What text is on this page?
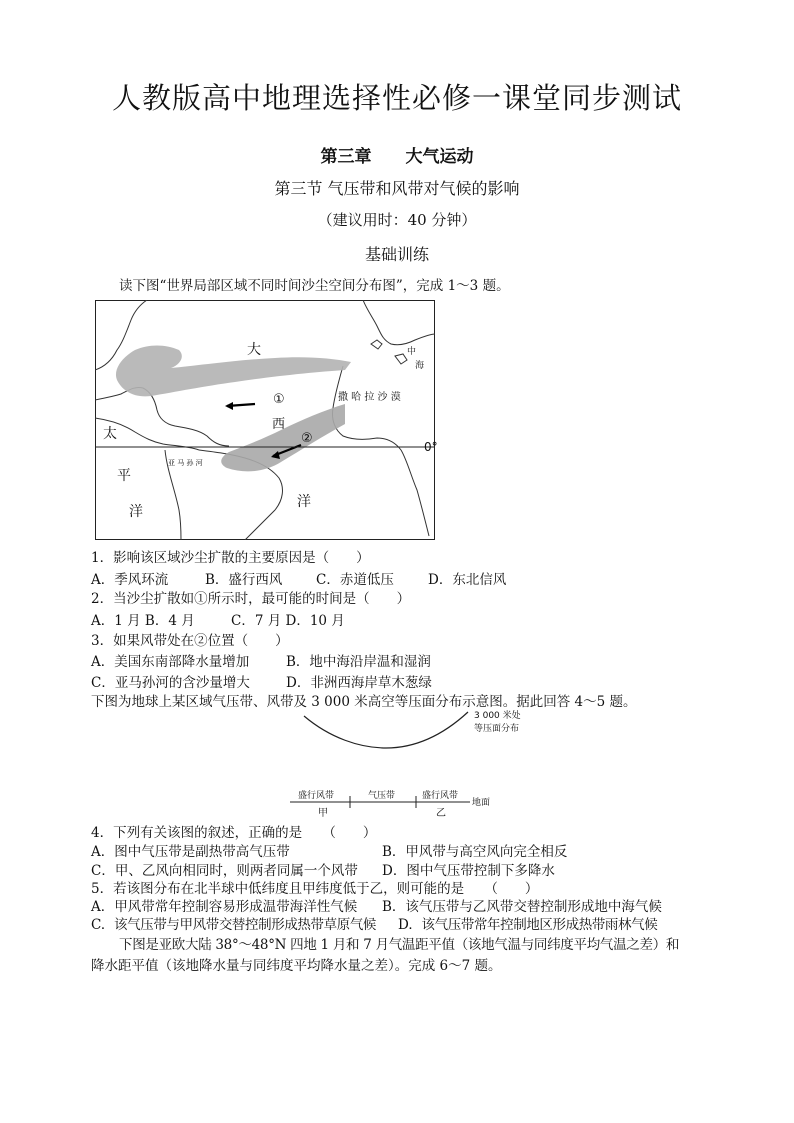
人教版高中地理选择性必修一课堂同步测试
第三章　　大气运动
第三节 气压带和风带对气候的影响
（建议用时：40 分钟）
基础训练
读下图“世界局部区域不同时间沙尘空间分布图”，完成 1～3 题。
大
西
洋
太
平
洋
撒 哈 拉 沙 漠
中
海
①
②
亚 马 孙 河
0°
1．影响该区域沙尘扩散的主要原因是（　　）
A．季风环流	B．盛行西风 C．赤道低压	D．东北信风
2．当沙尘扩散如①所示时，最可能的时间是（　　）
A．1 月 B．4 月	C．7 月 D．10 月
3．如果风带处在②位置（　　）
A．美国东南部降水量增加	B．地中海沿岸温和湿润
C．亚马孙河的含沙量增大	D．非洲西海岸草木葱绿
下图为地球上某区域气压带、风带及 3 000 米高空等压面分布示意图。据此回答 4～5 题。
盛行风带	气压带	盛行风带
地面
甲	乙
3 000 米处
等压面分布
4．下列有关该图的叙述，正确的是　　（　　）
A．图中气压带是副热带高气压带	B．甲风带与高空风向完全相反
C．甲、乙风向相同时，则两者同属一个风带 D．图中气压带控制下多降水
5．若该图分布在北半球中低纬度且甲纬度低于乙，则可能的是　　（　　）
A．甲风带常年控制容易形成温带海洋性气候 B．该气压带与乙风带交替控制形成地中海气候
C．该气压带与甲风带交替控制形成热带草原气候 D．该气压带常年控制地区形成热带雨林气候
下图是亚欧大陆 38°～48°N 四地 1 月和 7 月气温距平值（该地气温与同纬度平均气温之差）和
降水距平值（该地降水量与同纬度平均降水量之差）。完成 6～7 题。
